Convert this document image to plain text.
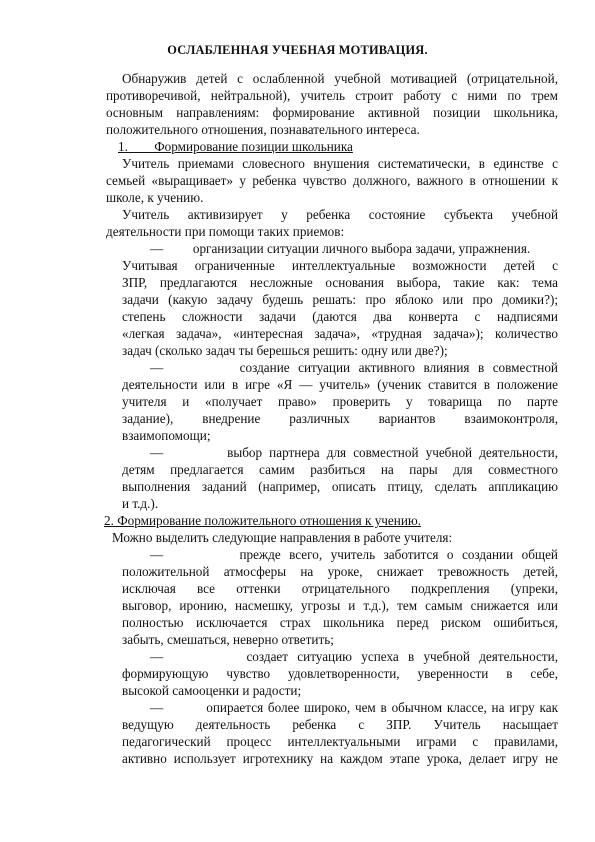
ОСЛАБЛЕННАЯ УЧЕБНАЯ МОТИВАЦИЯ.
Обнаружив детей с ослабленной учебной мотивацией (отрицательной,
противоречивой, нейтральной), учитель строит работу с ними по трем
основным направлениям: формирование активной позиции школьника,
положительного отношения, познавательного интереса.
1.        Формирование позиции школьника
Учитель приемами словесного внушения систематически, в единстве с
семьей «выращивает» у ребенка чувство должного, важного в отношении к
школе, к учению.
Учитель активизирует у ребенка состояние субъекта учебной
деятельности при помощи таких приемов:
—         организации ситуации личного выбора задачи, упражнения.
Учитывая ограниченные интеллектуальные возможности детей с
ЗПР, предлагаются несложные основания выбора, такие как: тема
задачи (какую задачу будешь решать: про яблоко или про домики?);
степень сложности задачи (даются два конверта с надписями
«легкая задача», «интересная задача», «трудная задача»); количество
задач (сколько задач ты берешься решить: одну или две?);
—         создание ситуации активного влияния в совместной
деятельности или в игре «Я — учитель» (ученик ставится в положение
учителя и «получает право» проверить у товарища по парте
задание), внедрение различных вариантов взаимоконтроля,
взаимопомощи;
—         выбор партнера для совместной учебной деятельности,
детям предлагается самим разбиться на пары для совместного
выполнения заданий (например, описать птицу, сделать аппликацию
и т.д.).
2. Формирование положительного отношения к учению.
Можно выделить следующие направления в работе учителя:
—         прежде всего, учитель заботится о создании общей
положительной атмосферы на уроке, снижает тревожность детей,
исключая все оттенки отрицательного подкрепления (упреки,
выговор, иронию, насмешку, угрозы и т.д.), тем самым снижается или
полностью исключается страх школьника перед риском ошибиться,
забыть, смешаться, неверно ответить;
—         создает ситуацию успеха в учебной деятельности,
формирующую чувство удовлетворенности, уверенности в себе,
высокой самооценки и радости;
—         опирается более широко, чем в обычном классе, на игру как
ведущую деятельность ребенка с ЗПР. Учитель насыщает
педагогический процесс интеллектуальными играми с правилами,
активно использует игротехнику на каждом этапе урока, делает игру не
